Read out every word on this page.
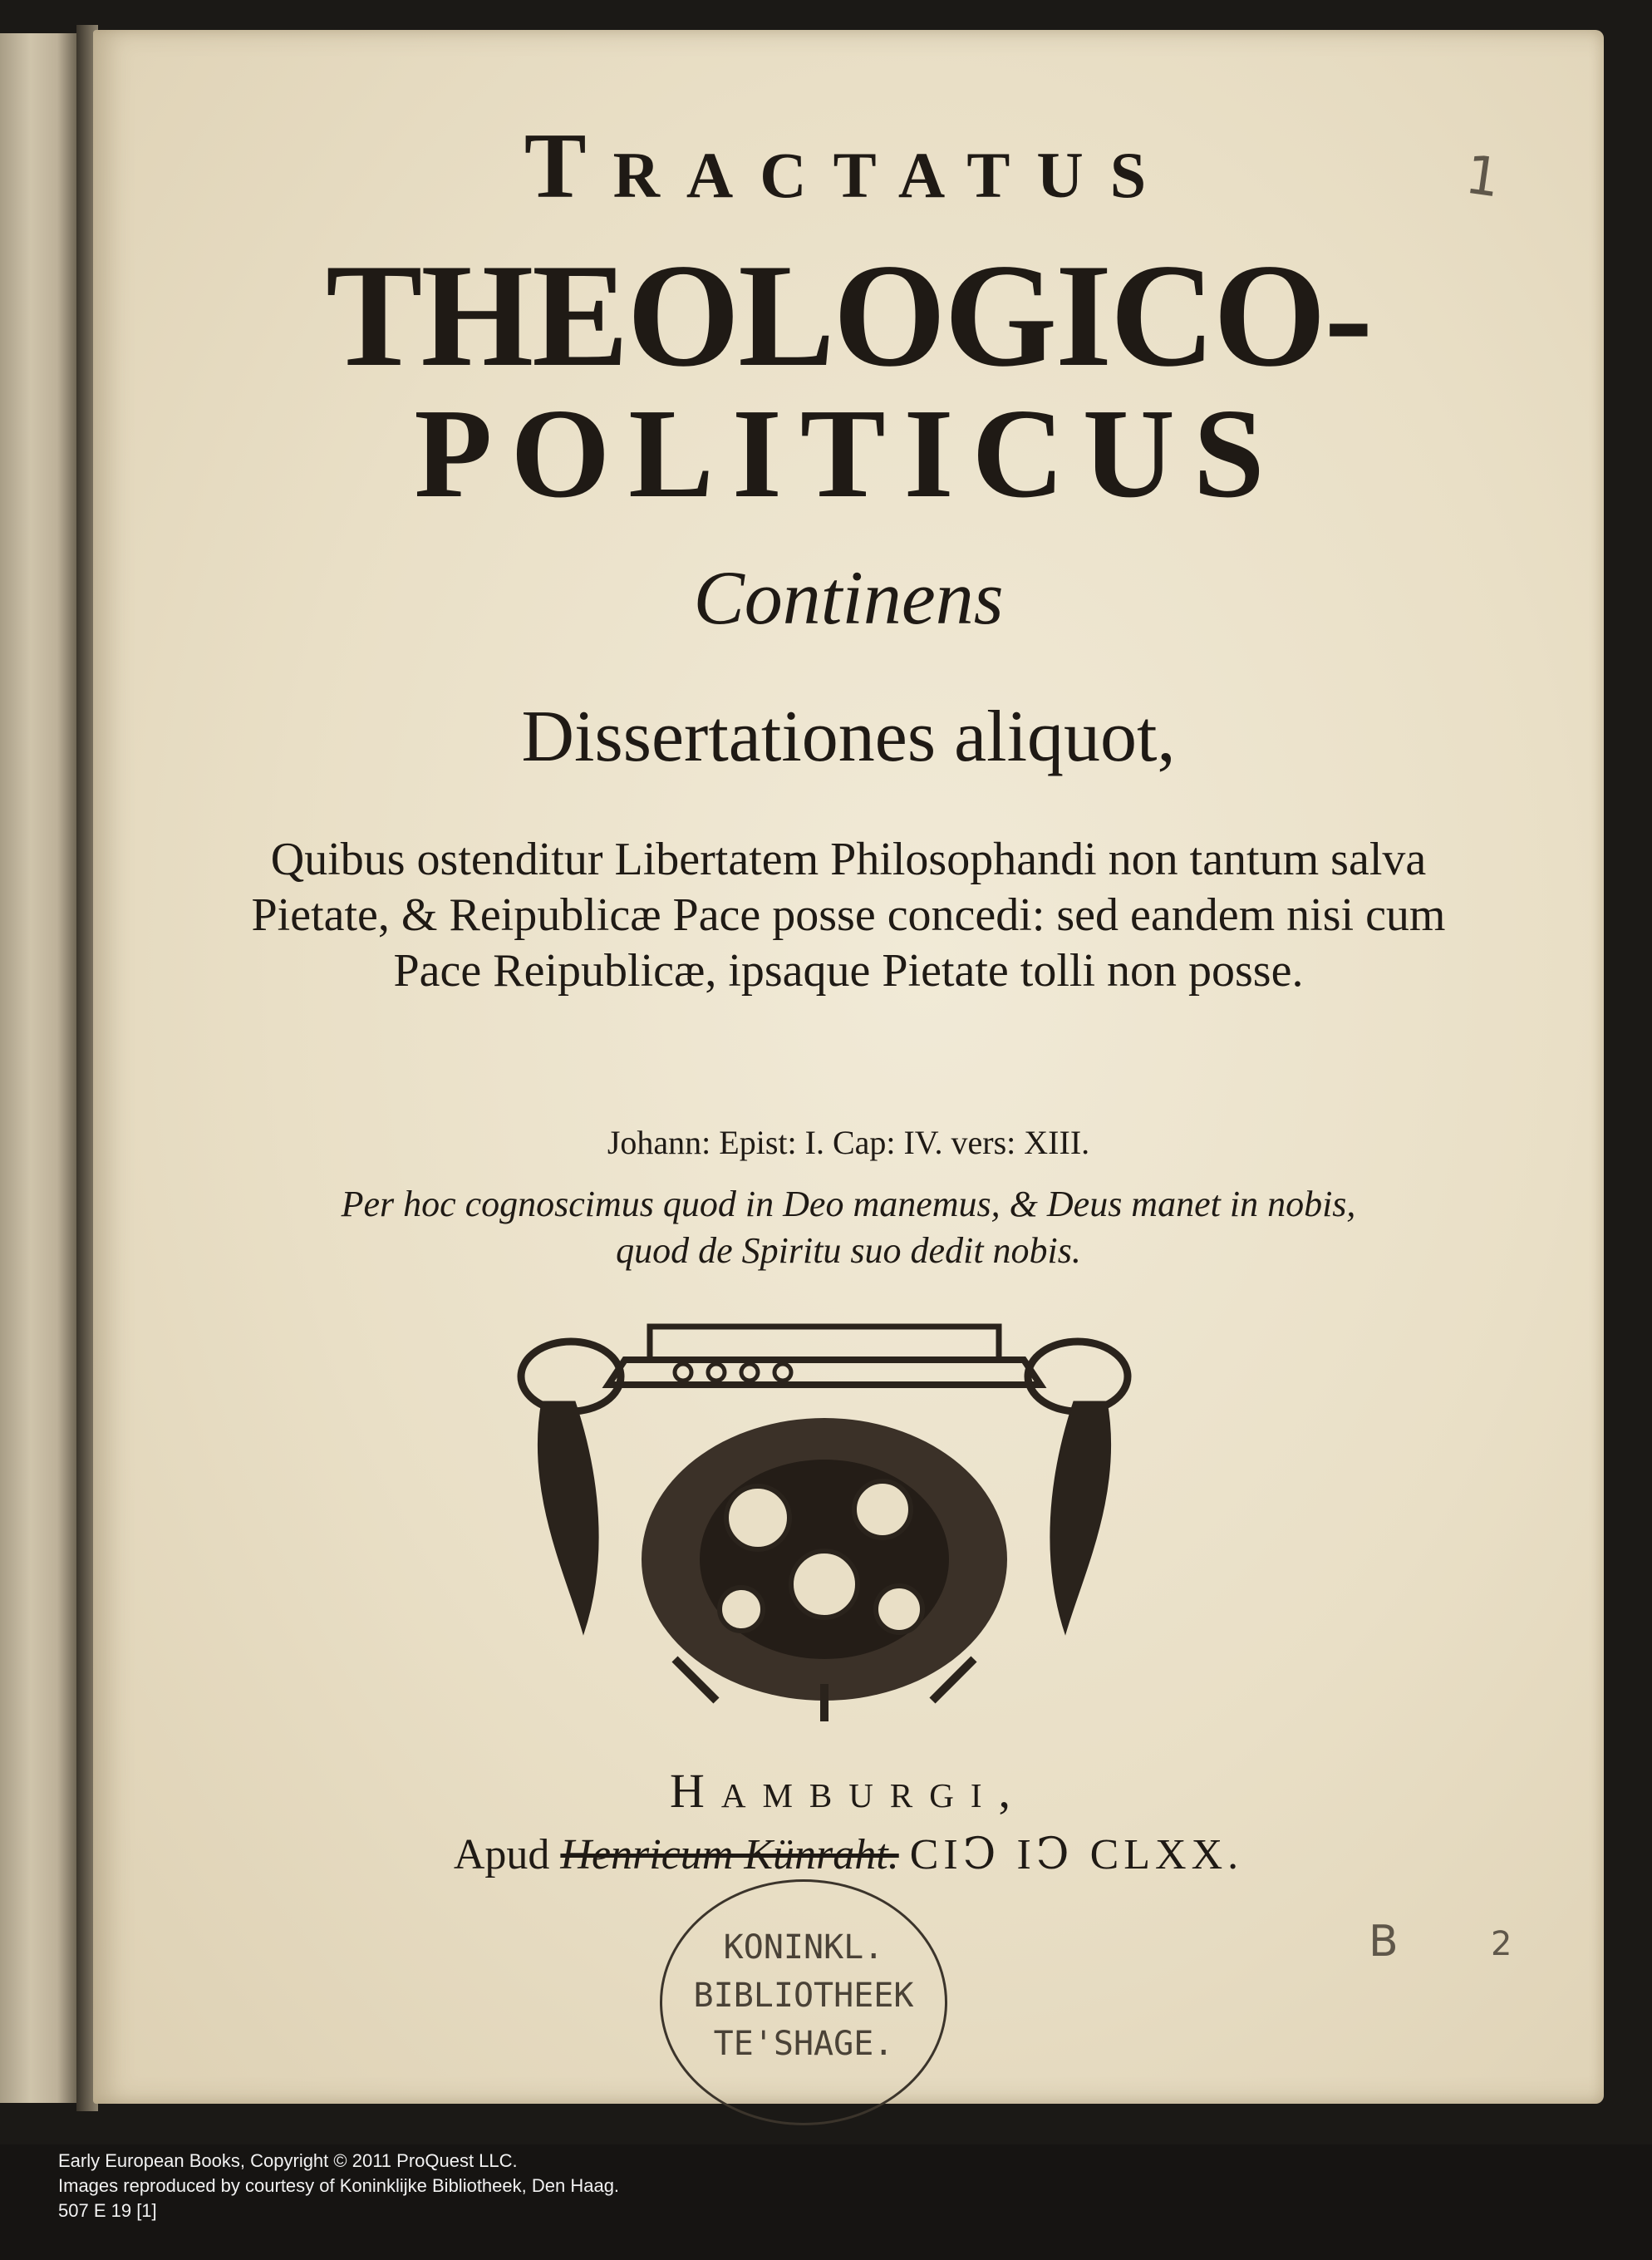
Tractatus
THEOLOGICO-
POLITICUS
Continens
Dissertationes aliquot,
Quibus ostenditur Libertatem Philosophandi non tantum salva Pietate, & Reipublicæ Pace posse concedi: sed eandem nisi cum Pace Reipublicæ, ipsaque Pietate tolli non posse.
Johann: Epist: I. Cap: IV. vers: XIII.
Per hoc cognoscimus quod in Deo manemus, & Deus manet in nobis, quod de Spiritu suo dedit nobis.
Hamburgi,
Apud Henricum Künraht. CIↃ IↃ CLXX.
KONINKL.
BIBLIOTHEEK
TE'SHAGE.
1
B	2
Early European Books, Copyright © 2011 ProQuest LLC.
Images reproduced by courtesy of Koninklijke Bibliotheek, Den Haag.
507 E 19 [1]
